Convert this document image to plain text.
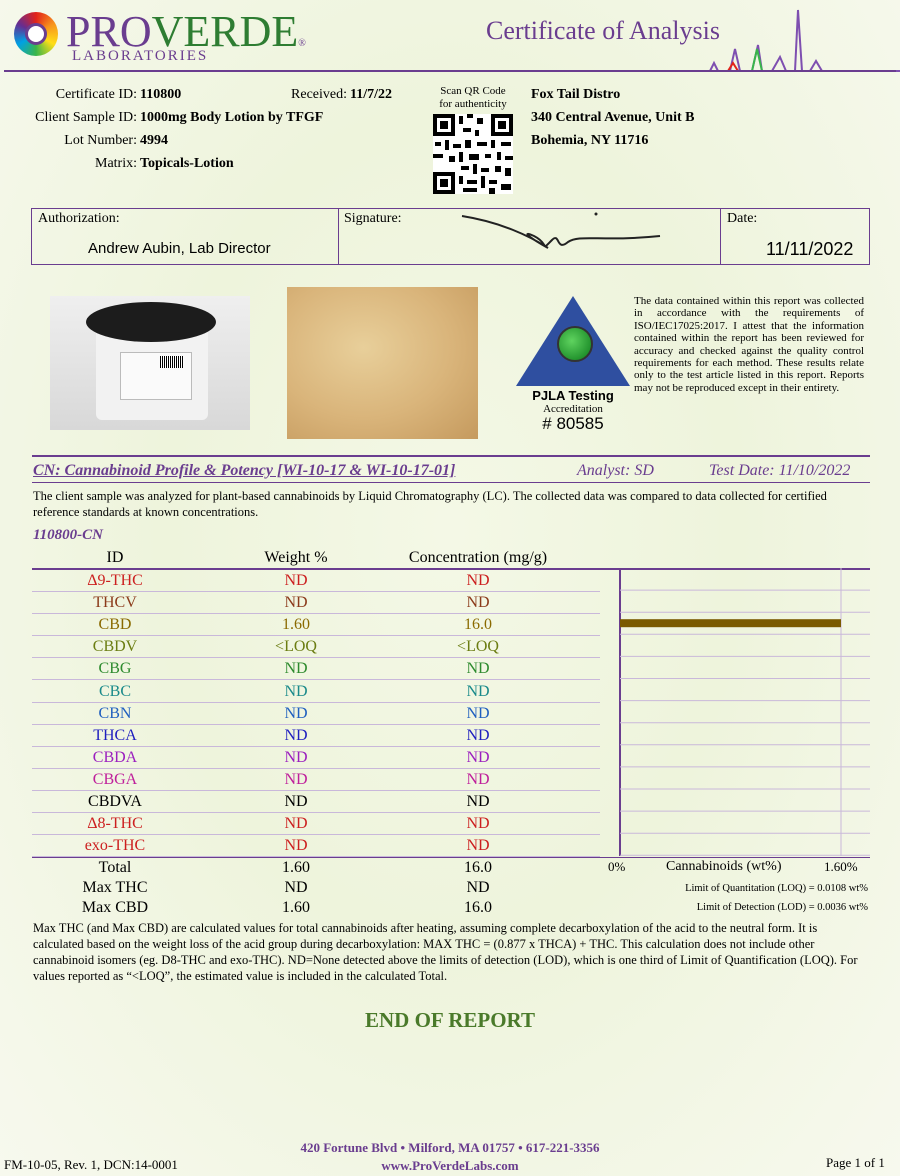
PROVERDE®
LABORATORIES
Certificate of Analysis
Certificate ID: 110800	Received: 11/7/22
Client Sample ID: 1000mg Body Lotion by TFGF
Lot Number: 4994
Matrix: Topicals-Lotion
Scan QR Code
for authenticity
Fox Tail Distro
340 Central Avenue, Unit B
Bohemia, NY 11716
Authorization:
Andrew Aubin, Lab Director
Signature:	Date:
11/11/2022
PJLA Testing
Accreditation
# 80585
The data contained within this report was collected in accordance with the requirements of ISO/IEC17025:2017. I attest that the information contained within the report has been reviewed for accuracy and checked against the quality control requirements for each method. These results relate only to the test article listed in this report. Reports may not be reproduced except in their entirety.
CN: Cannabinoid Profile & Potency [WI-10-17 & WI-10-17-01]	Analyst: SD	Test Date: 11/10/2022
The client sample was analyzed for plant-based cannabinoids by Liquid Chromatography (LC). The collected data was compared to data collected for certified reference standards at known concentrations.
110800-CN
ID	Weight %	Concentration (mg/g)
Δ9-THC	ND	ND
THCV	ND	ND
CBD	1.60	16.0
CBDV	<LOQ	<LOQ
CBG	ND	ND
CBC	ND	ND
CBN	ND	ND
THCA	ND	ND
CBDA	ND	ND
CBGA	ND	ND
CBDVA	ND	ND
Δ8-THC	ND	ND
exo-THC	ND	ND
Total	1.60	16.0
Max THC	ND	ND
Max CBD	1.60	16.0
0%	Cannabinoids (wt%)	1.60%
Limit of Quantitation (LOQ) = 0.0108 wt%
Limit of Detection (LOD) = 0.0036 wt%
Max THC (and Max CBD) are calculated values for total cannabinoids after heating, assuming complete decarboxylation of the acid to the neutral form. It is calculated based on the weight loss of the acid group during decarboxylation: MAX THC = (0.877 x THCA) + THC. This calculation does not include other cannabinoid isomers (eg. D8-THC and exo-THC). ND=None detected above the limits of detection (LOD), which is one third of Limit of Quantification (LOQ). For values reported as “<LOQ”, the estimated value is included in the calculated Total.
END OF REPORT
420 Fortune Blvd • Milford, MA 01757 • 617-221-3356
www.ProVerdeLabs.com
FM-10-05, Rev. 1, DCN:14-0001	Page 1 of 1
